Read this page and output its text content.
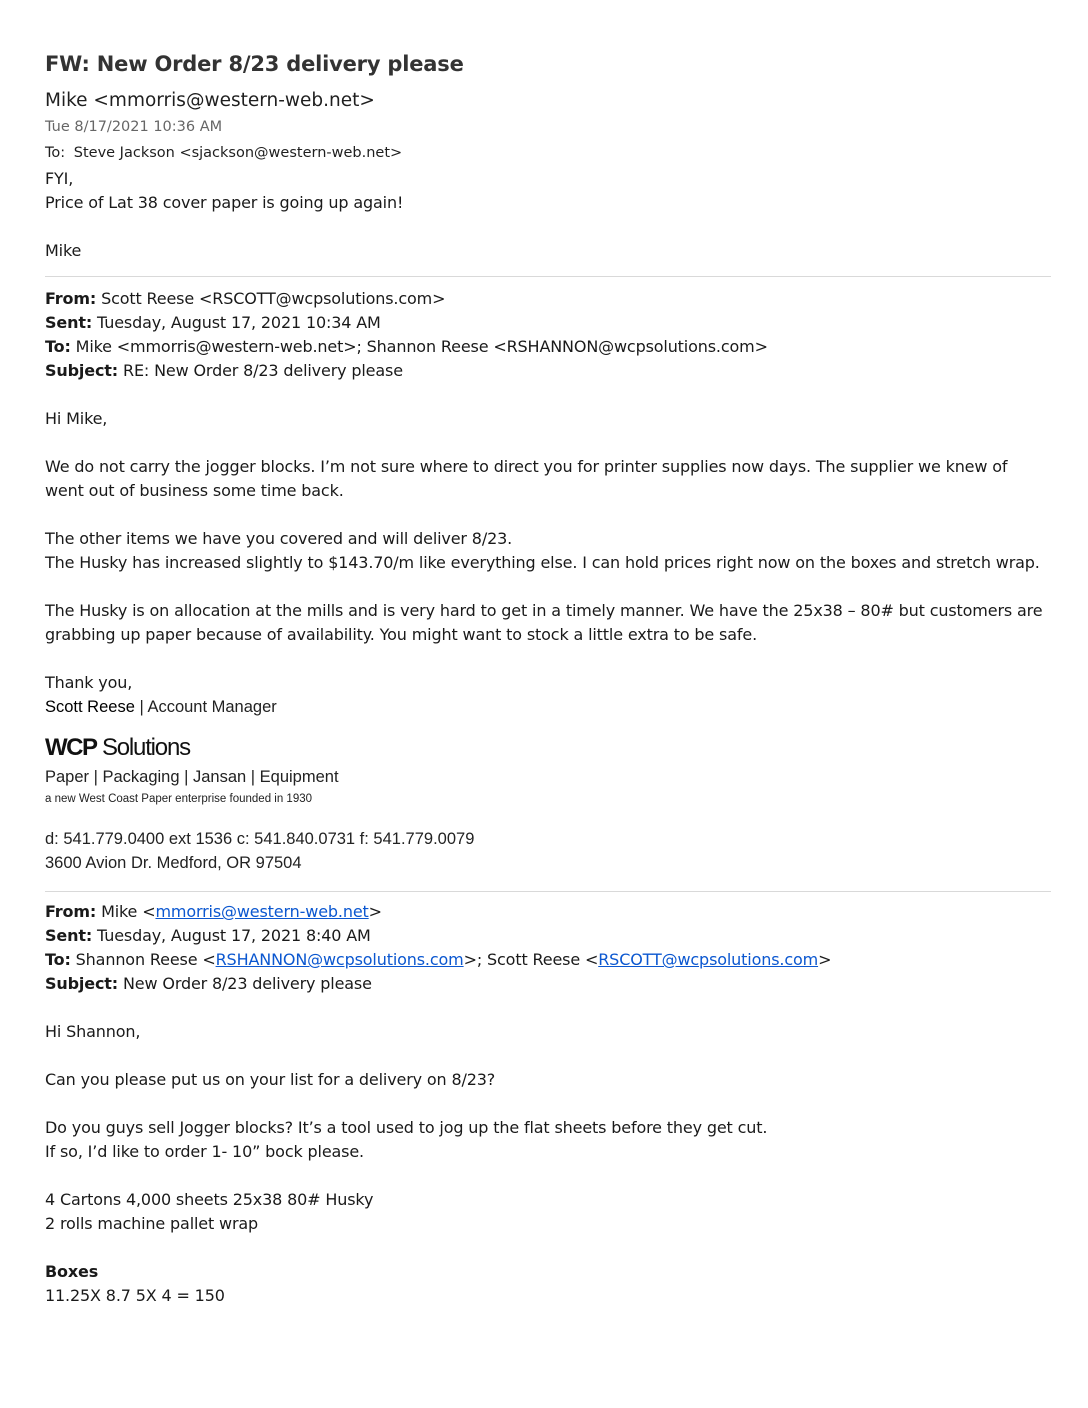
FW: New Order 8/23 delivery please
Mike <mmorris@western-web.net>
Tue 8/17/2021 10:36 AM
To: Steve Jackson <sjackson@western-web.net>
FYI,
Price of Lat 38 cover paper is going up again!
Mike
From: Scott Reese <RSCOTT@wcpsolutions.com>
Sent: Tuesday, August 17, 2021 10:34 AM
To: Mike <mmorris@western-web.net>; Shannon Reese <RSHANNON@wcpsolutions.com>
Subject: RE: New Order 8/23 delivery please
Hi Mike,
We do not carry the jogger blocks. I’m not sure where to direct you for printer supplies now days. The supplier we knew of went out of business some time back.
The other items we have you covered and will deliver 8/23.
The Husky has increased slightly to $143.70/m like everything else. I can hold prices right now on the boxes and stretch wrap.
The Husky is on allocation at the mills and is very hard to get in a timely manner. We have the 25x38 – 80# but customers are grabbing up paper because of availability. You might want to stock a little extra to be safe.
Thank you,
Scott Reese | Account Manager
WCP Solutions
Paper | Packaging | Jansan | Equipment
a new West Coast Paper enterprise founded in 1930
d: 541.779.0400 ext 1536 c: 541.840.0731 f: 541.779.0079
3600 Avion Dr. Medford, OR 97504
From: Mike <mmorris@western-web.net>
Sent: Tuesday, August 17, 2021 8:40 AM
To: Shannon Reese <RSHANNON@wcpsolutions.com>; Scott Reese <RSCOTT@wcpsolutions.com>
Subject: New Order 8/23 delivery please
Hi Shannon,
Can you please put us on your list for a delivery on 8/23?
Do you guys sell Jogger blocks? It’s a tool used to jog up the flat sheets before they get cut.
If so, I’d like to order 1- 10” bock please.
4 Cartons 4,000 sheets 25x38 80# Husky
2 rolls machine pallet wrap
Boxes
11.25X 8.7 5X 4 = 150
